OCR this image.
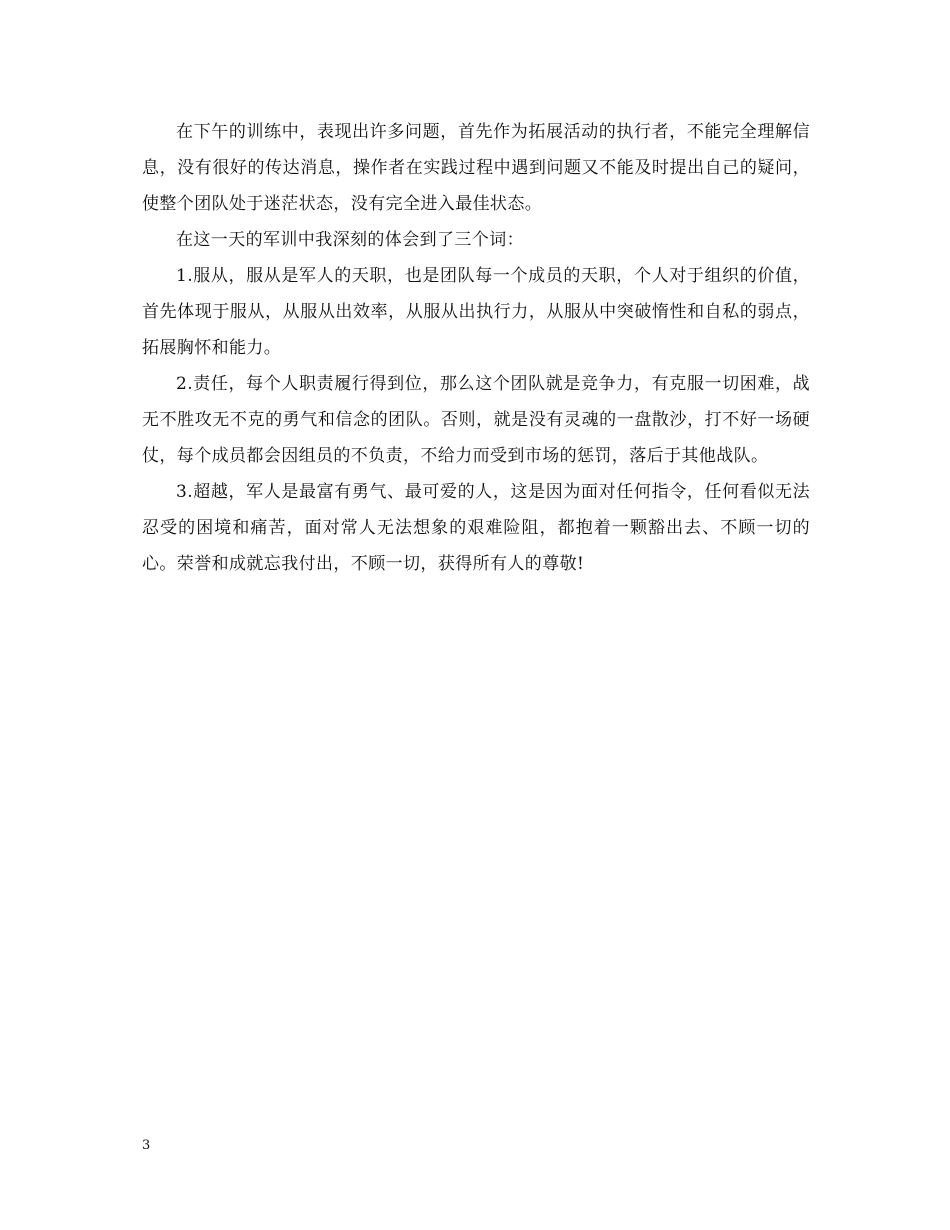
在下午的训练中，表现出许多问题，首先作为拓展活动的执行者，不能完全理解信息，没有很好的传达消息，操作者在实践过程中遇到问题又不能及时提出自己的疑问，使整个团队处于迷茫状态，没有完全进入最佳状态。

在这一天的军训中我深刻的体会到了三个词：

1.服从，服从是军人的天职，也是团队每一个成员的天职，个人对于组织的价值，首先体现于服从，从服从出效率，从服从出执行力，从服从中突破惰性和自私的弱点，拓展胸怀和能力。

2.责任，每个人职责履行得到位，那么这个团队就是竞争力，有克服一切困难，战无不胜攻无不克的勇气和信念的团队。否则，就是没有灵魂的一盘散沙，打不好一场硬仗，每个成员都会因组员的不负责，不给力而受到市场的惩罚，落后于其他战队。

3.超越，军人是最富有勇气、最可爱的人，这是因为面对任何指令，任何看似无法忍受的困境和痛苦，面对常人无法想象的艰难险阻，都抱着一颗豁出去、不顾一切的心。荣誉和成就忘我付出，不顾一切，获得所有人的尊敬!

3
